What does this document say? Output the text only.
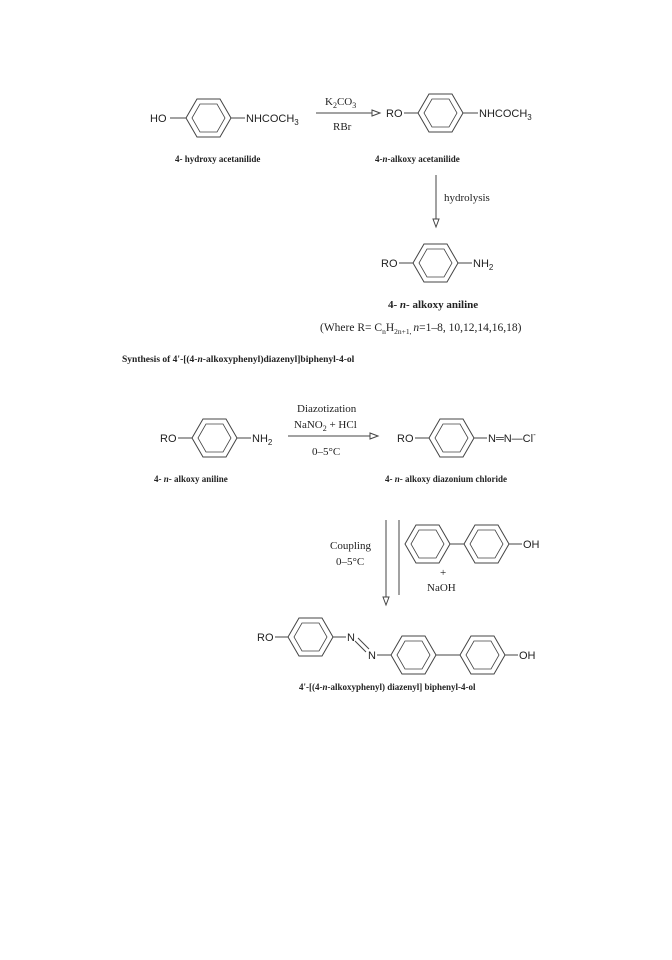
HO	$NHCOCH_3$
$K_2CO_3$
RBr
RO	$NHCOCH_3$
4- hydroxy acetanilide	4-n-alkoxy acetanilide
hydrolysis
RO	$NH_2$
4- n- alkoxy aniline
(Where $R= C_nH_{2n+1,}$ n=1–8, 10,12,14,16,18)
Synthesis of 4'-[(4-n-alkoxyphenyl)diazenyl]biphenyl-4-ol
RO	$NH_2$
Diazotization
NaNO$_2$ + HCl
0–5°C
RO	N═N—Cl-
4- n- alkoxy aniline	4- n- alkoxy diazonium chloride
Coupling
0–5°C
OH
+
NaOH
RO	N
N	OH
4'-[(4-n-alkoxyphenyl) diazenyl] biphenyl-4-ol
